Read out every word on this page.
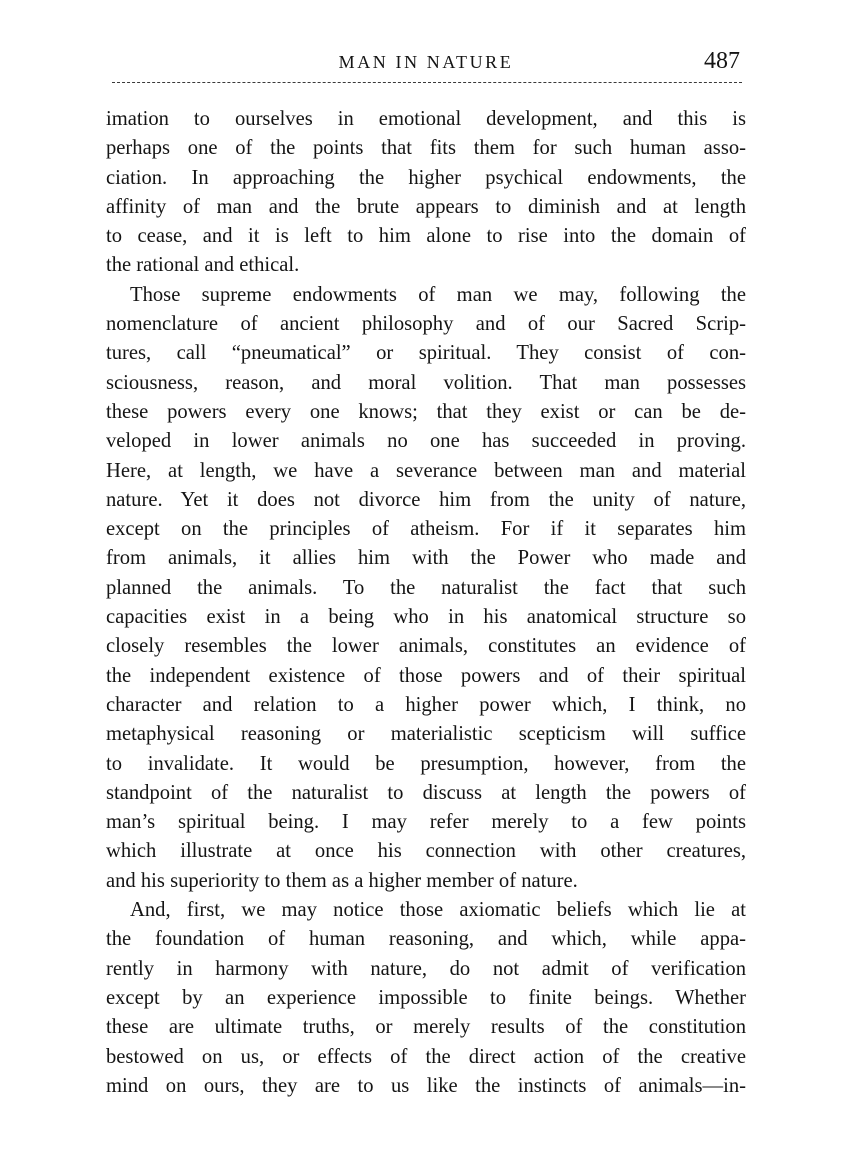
MAN IN NATURE	487

imation to ourselves in emotional development, and this is
perhaps one of the points that fits them for such human asso-
ciation. In approaching the higher psychical endowments, the
affinity of man and the brute appears to diminish and at length
to cease, and it is left to him alone to rise into the domain of
the rational and ethical.

Those supreme endowments of man we may, following the
nomenclature of ancient philosophy and of our Sacred Scrip-
tures, call “pneumatical” or spiritual. They consist of con-
sciousness, reason, and moral volition. That man possesses
these powers every one knows; that they exist or can be de-
veloped in lower animals no one has succeeded in proving.
Here, at length, we have a severance between man and material
nature. Yet it does not divorce him from the unity of nature,
except on the principles of atheism. For if it separates him
from animals, it allies him with the Power who made and
planned the animals. To the naturalist the fact that such
capacities exist in a being who in his anatomical structure so
closely resembles the lower animals, constitutes an evidence of
the independent existence of those powers and of their spiritual
character and relation to a higher power which, I think, no
metaphysical reasoning or materialistic scepticism will suffice
to invalidate. It would be presumption, however, from the
standpoint of the naturalist to discuss at length the powers of
man’s spiritual being. I may refer merely to a few points
which illustrate at once his connection with other creatures,
and his superiority to them as a higher member of nature.

And, first, we may notice those axiomatic beliefs which lie at
the foundation of human reasoning, and which, while appa-
rently in harmony with nature, do not admit of verification
except by an experience impossible to finite beings. Whether
these are ultimate truths, or merely results of the constitution
bestowed on us, or effects of the direct action of the creative
mind on ours, they are to us like the instincts of animals—in-
